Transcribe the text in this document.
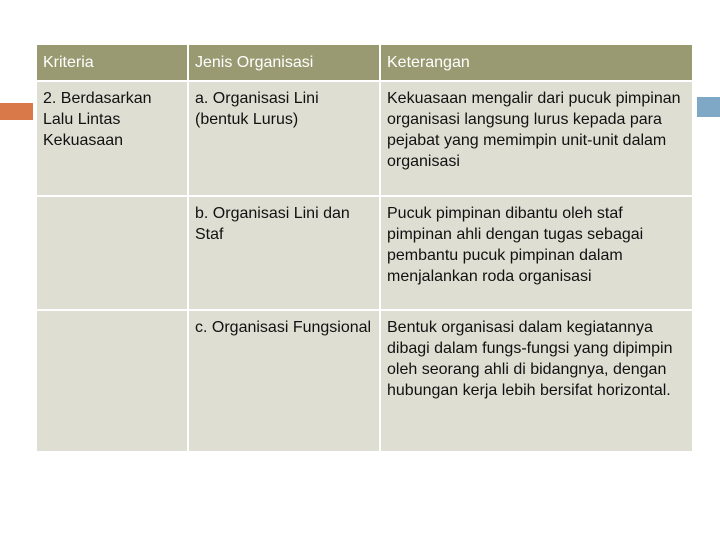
Kriteria	Jenis Organisasi	Keterangan
2. Berdasarkan Lalu Lintas Kekuasaan	a. Organisasi Lini (bentuk Lurus)	Kekuasaan mengalir dari pucuk pimpinan organisasi langsung lurus kepada para pejabat yang memimpin unit-unit dalam organisasi
	b. Organisasi Lini dan Staf	Pucuk pimpinan dibantu oleh staf pimpinan ahli dengan tugas sebagai pembantu pucuk pimpinan dalam menjalankan roda organisasi
	c. Organisasi Fungsional	Bentuk organisasi dalam kegiatannya dibagi dalam fungs-fungsi yang dipimpin oleh seorang ahli di bidangnya, dengan hubungan kerja lebih bersifat horizontal.
